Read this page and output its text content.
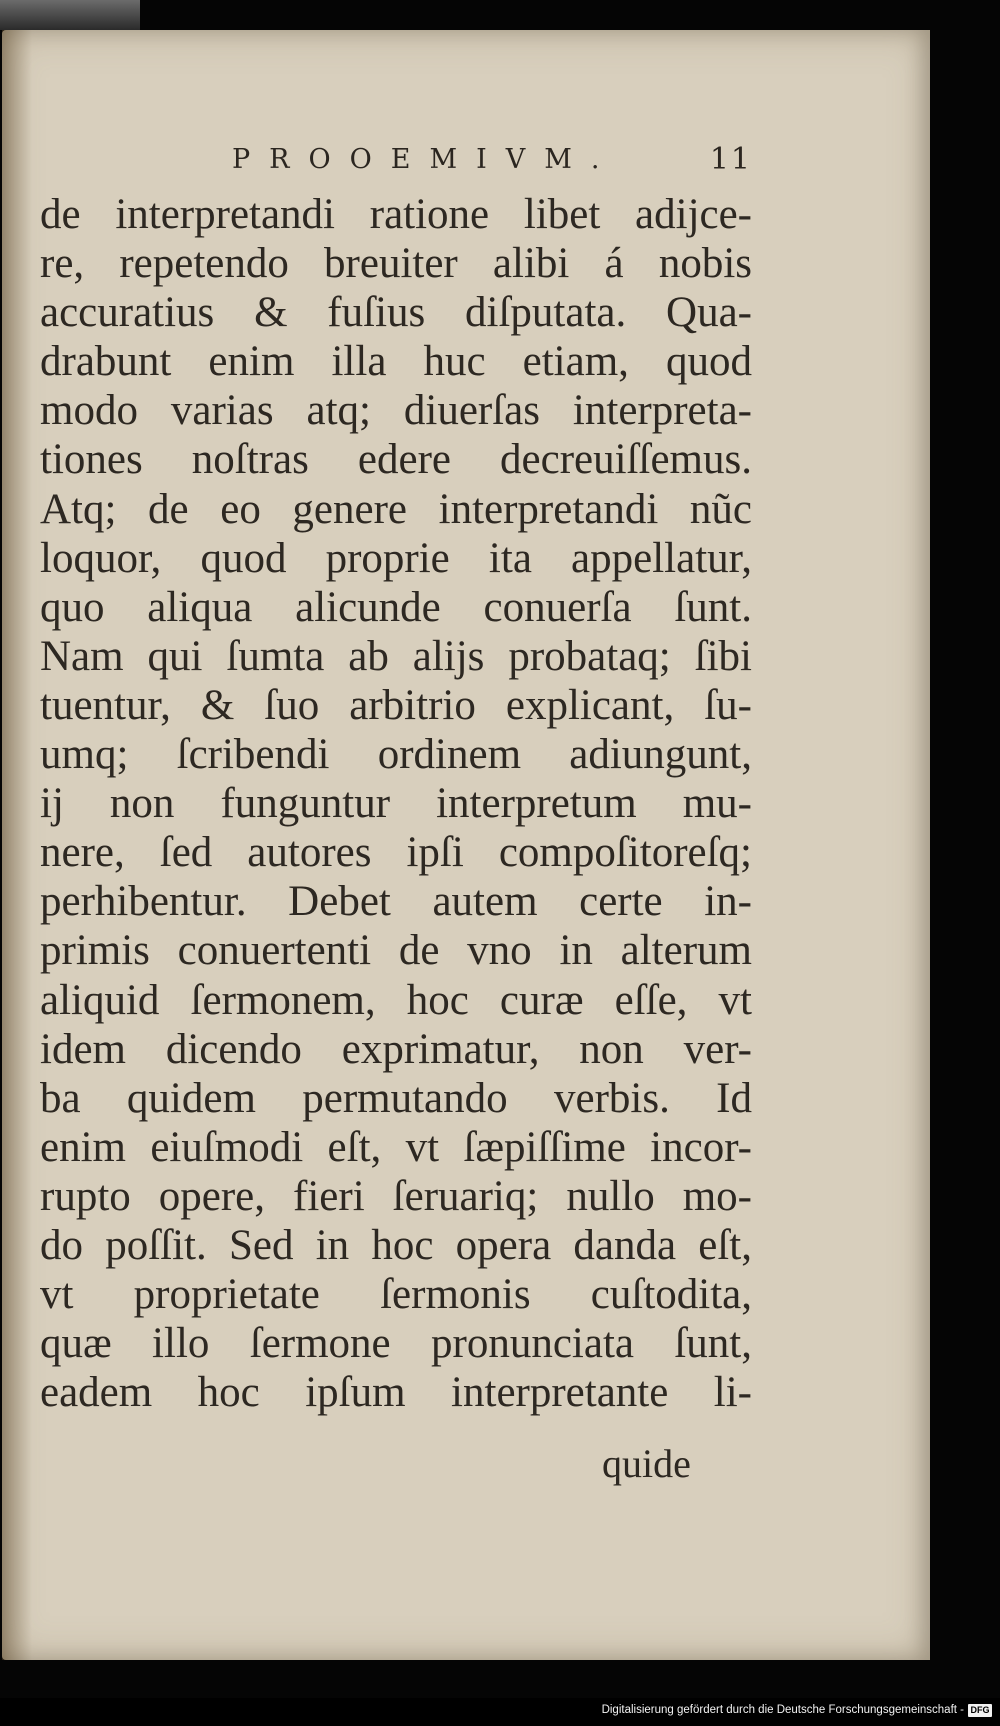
PROOEMIVM.	11
de interpretandi ratione libet adijce-
re, repetendo breuiter alibi á nobis
accuratius & fuſius diſputata. Qua-
drabunt enim illa huc etiam, quod
modo varias atq; diuerſas interpreta-
tiones noſtras edere decreuiſſemus.
Atq; de eo genere interpretandi nũc
loquor, quod proprie ita appellatur,
quo aliqua alicunde conuerſa ſunt.
Nam qui ſumta ab alijs probataq; ſibi
tuentur, & ſuo arbitrio explicant, ſu-
umq; ſcribendi ordinem adiungunt,
ij non funguntur interpretum mu-
nere, ſed autores ipſi compoſitoreſq;
perhibentur. Debet autem certe in-
primis conuertenti de vno in alterum
aliquid ſermonem, hoc curæ eſſe, vt
idem dicendo exprimatur, non ver-
ba quidem permutando verbis. Id
enim eiuſmodi eſt, vt ſæpiſſime incor-
rupto opere, fieri ſeruariq; nullo mo-
do poſſit. Sed in hoc opera danda eſt,
vt proprietate ſermonis cuſtodita,
quæ illo ſermone pronunciata ſunt,
eadem hoc ipſum interpretante li-
quide
Digitalisierung gefördert durch die Deutsche Forschungsgemeinschaft - DFG
